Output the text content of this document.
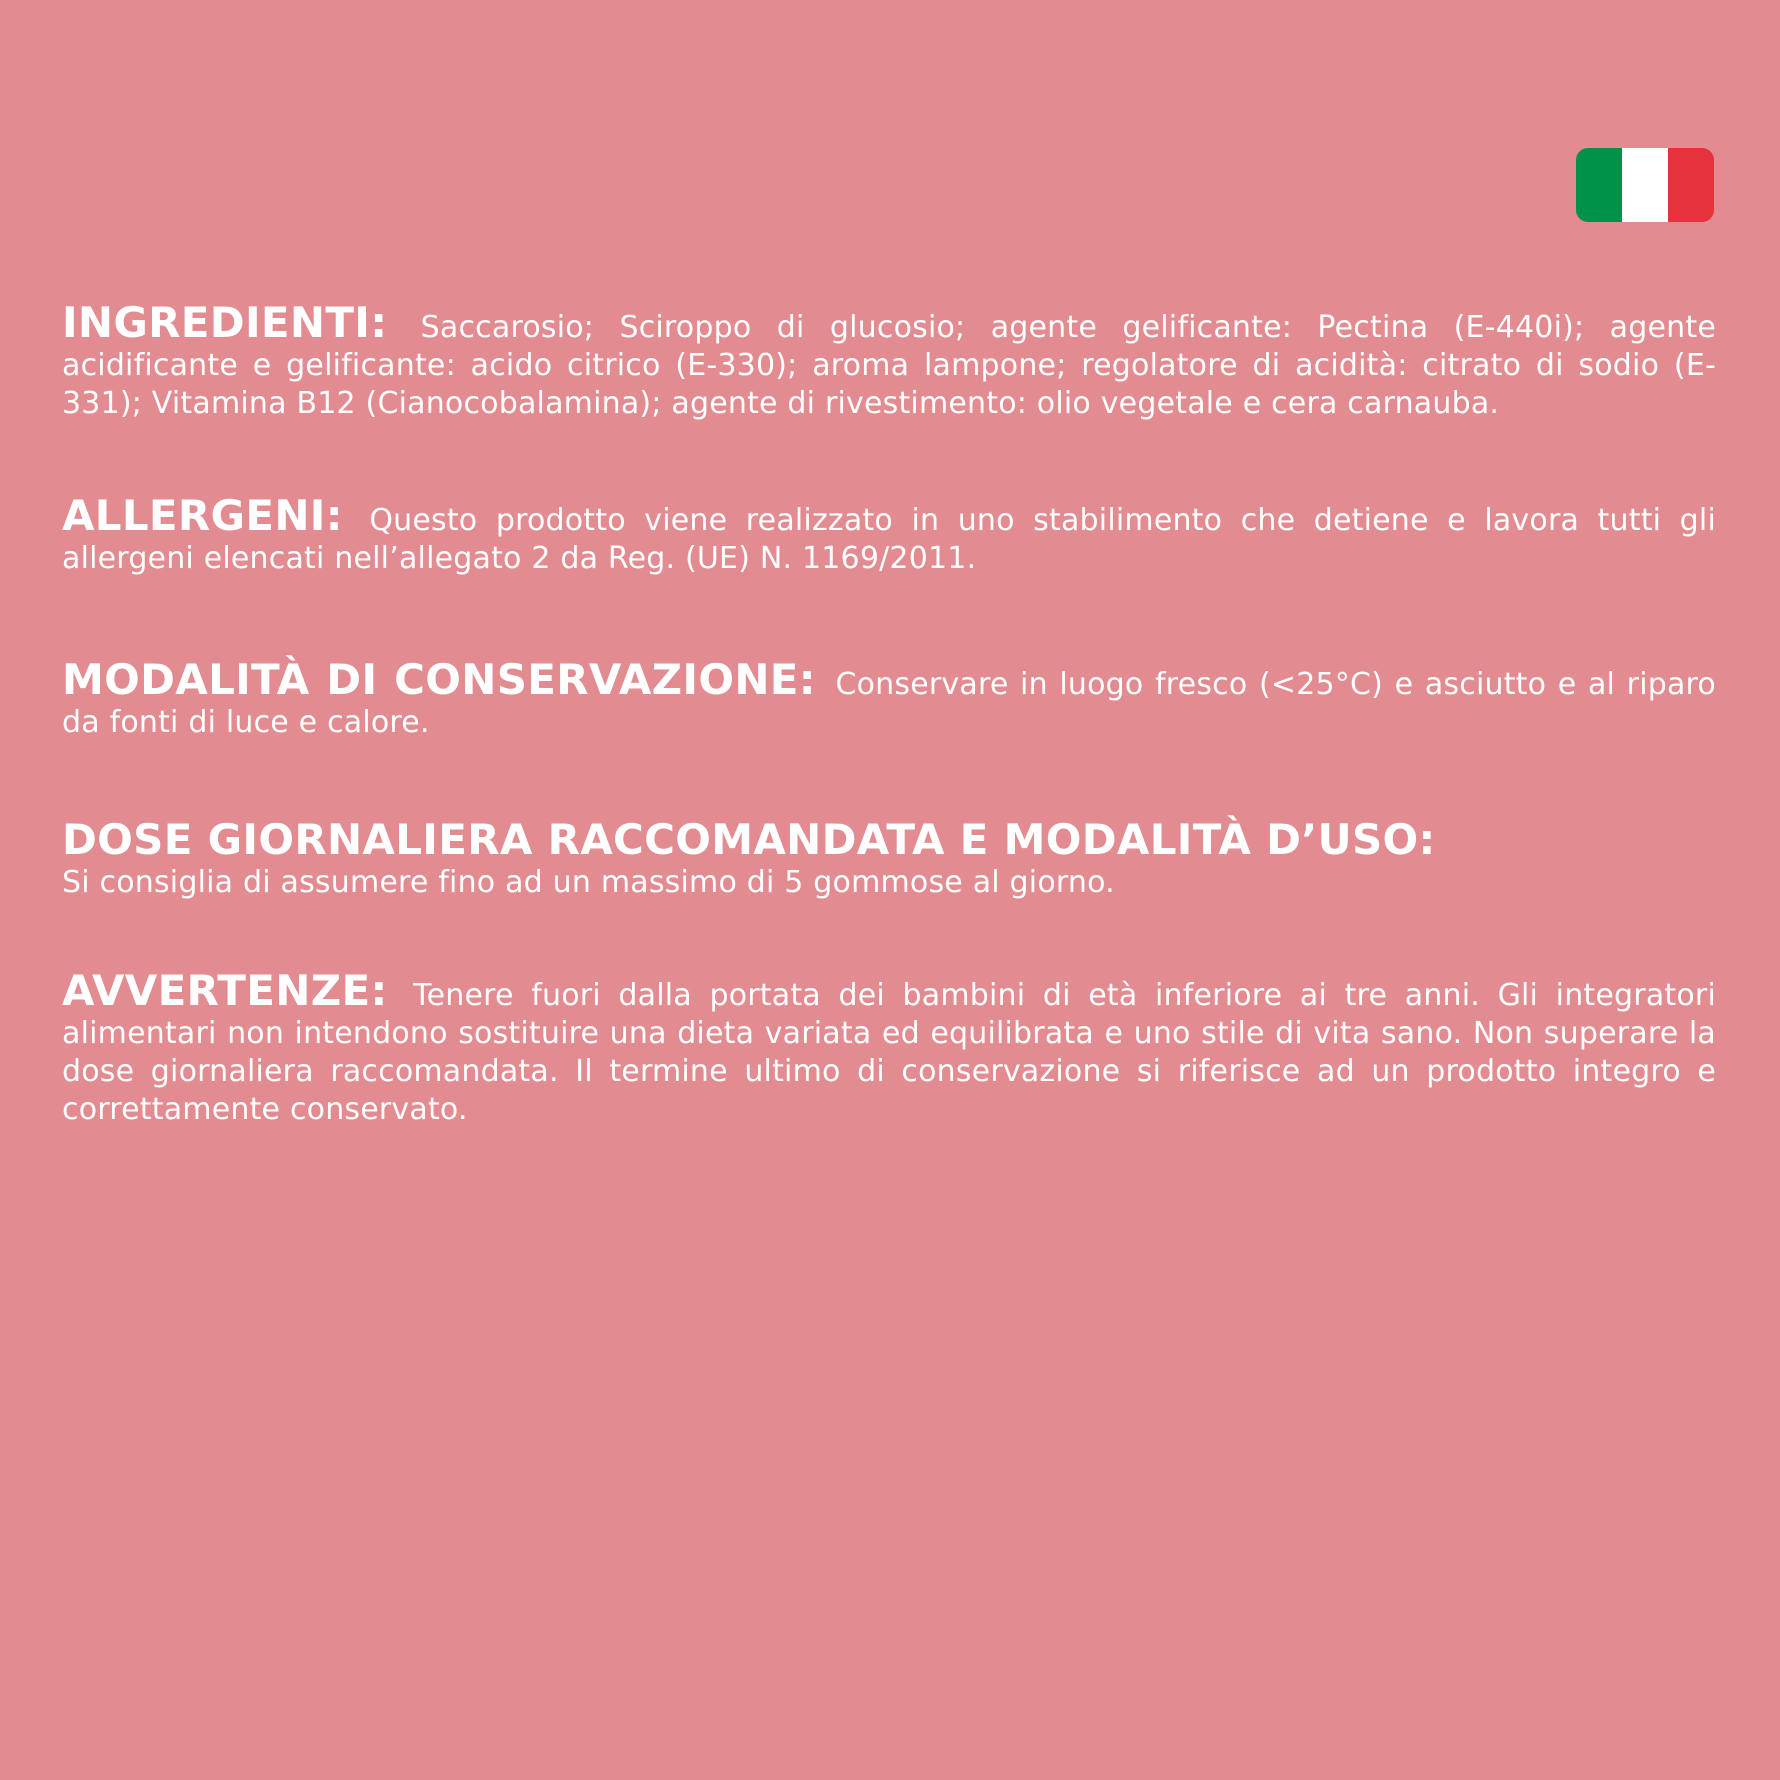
INGREDIENTI: Saccarosio; Sciroppo di glucosio; agente gelificante: Pectina (E-440i); agente acidificante e gelificante: acido citrico (E-330); aroma lampone; regolatore di acidità: citrato di sodio (E-331); Vitamina B12 (Cianocobalamina); agente di rivestimento: olio vegetale e cera carnauba.
ALLERGENI: Questo prodotto viene realizzato in uno stabilimento che detiene e lavora tutti gli allergeni elencati nell’allegato 2 da Reg. (UE) N. 1169/2011.
MODALITÀ DI CONSERVAZIONE: Conservare in luogo fresco (<25°C) e asciutto e al riparo da fonti di luce e calore.
DOSE GIORNALIERA RACCOMANDATA E MODALITÀ D’USO:
Si consiglia di assumere fino ad un massimo di 5 gommose al giorno.
AVVERTENZE: Tenere fuori dalla portata dei bambini di età inferiore ai tre anni. Gli integratori alimentari non intendono sostituire una dieta variata ed equilibrata e uno stile di vita sano. Non superare la dose giornaliera raccomandata. Il termine ultimo di conservazione si riferisce ad un prodotto integro e correttamente conservato.
